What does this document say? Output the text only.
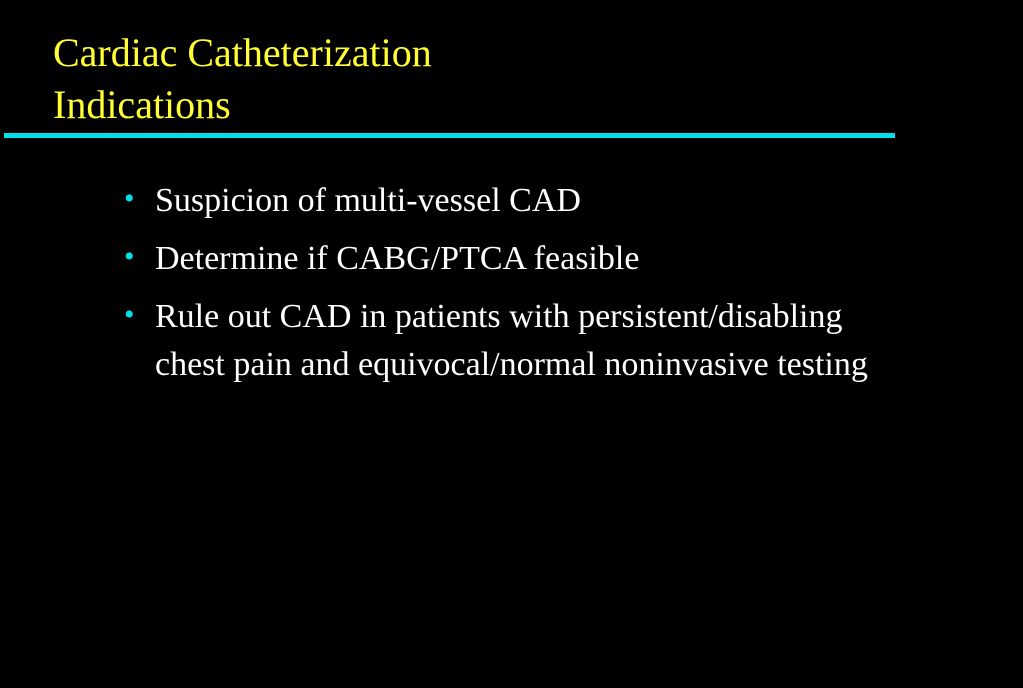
Cardiac Catheterization
Indications
• Suspicion of multi-vessel CAD
• Determine if CABG/PTCA feasible
• Rule out CAD in patients with persistent/disabling chest pain and equivocal/normal noninvasive testing
